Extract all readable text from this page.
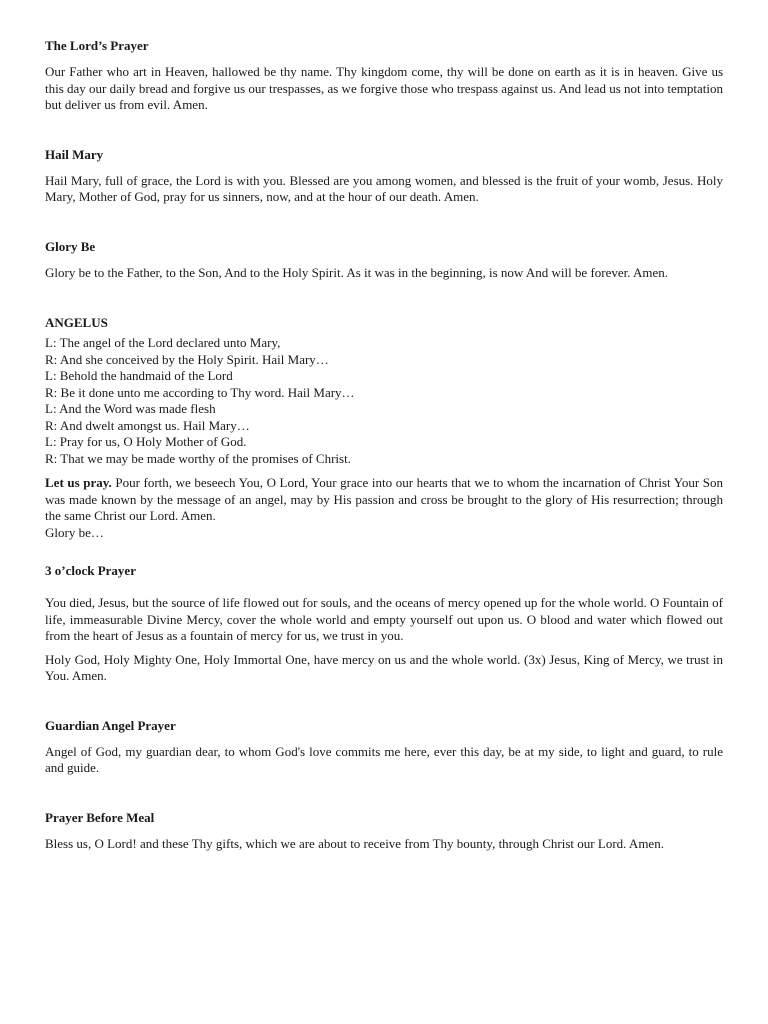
The Lord’s Prayer

Our Father who art in Heaven, hallowed be thy name. Thy kingdom come, thy will be done on earth as it is in heaven. Give us this day our daily bread and forgive us our trespasses, as we forgive those who trespass against us. And lead us not into temptation but deliver us from evil. Amen.

Hail Mary

Hail Mary, full of grace, the Lord is with you. Blessed are you among women, and blessed is the fruit of your womb, Jesus. Holy Mary, Mother of God, pray for us sinners, now, and at the hour of our death. Amen.

Glory Be

Glory be to the Father, to the Son, And to the Holy Spirit. As it was in the beginning, is now And will be forever. Amen.

ANGELUS
L: The angel of the Lord declared unto Mary,
R: And she conceived by the Holy Spirit. Hail Mary…
L: Behold the handmaid of the Lord
R: Be it done unto me according to Thy word. Hail Mary…
L: And the Word was made flesh
R: And dwelt amongst us. Hail Mary…
L: Pray for us, O Holy Mother of God.
R: That we may be made worthy of the promises of Christ.

Let us pray. Pour forth, we beseech You, O Lord, Your grace into our hearts that we to whom the incarnation of Christ Your Son was made known by the message of an angel, may by His passion and cross be brought to the glory of His resurrection; through the same Christ our Lord. Amen.

Glory be…
3 o’clock Prayer

You died, Jesus, but the source of life flowed out for souls, and the oceans of mercy opened up for the whole world. O Fountain of life, immeasurable Divine Mercy, cover the whole world and empty yourself out upon us. O blood and water which flowed out from the heart of Jesus as a fountain of mercy for us, we trust in you.

Holy God, Holy Mighty One, Holy Immortal One, have mercy on us and the whole world. (3x) Jesus, King of Mercy, we trust in You. Amen.

Guardian Angel Prayer

Angel of God, my guardian dear, to whom God's love commits me here, ever this day, be at my side, to light and guard, to rule and guide.

Prayer Before Meal

Bless us, O Lord! and these Thy gifts, which we are about to receive from Thy bounty, through Christ our Lord. Amen.
